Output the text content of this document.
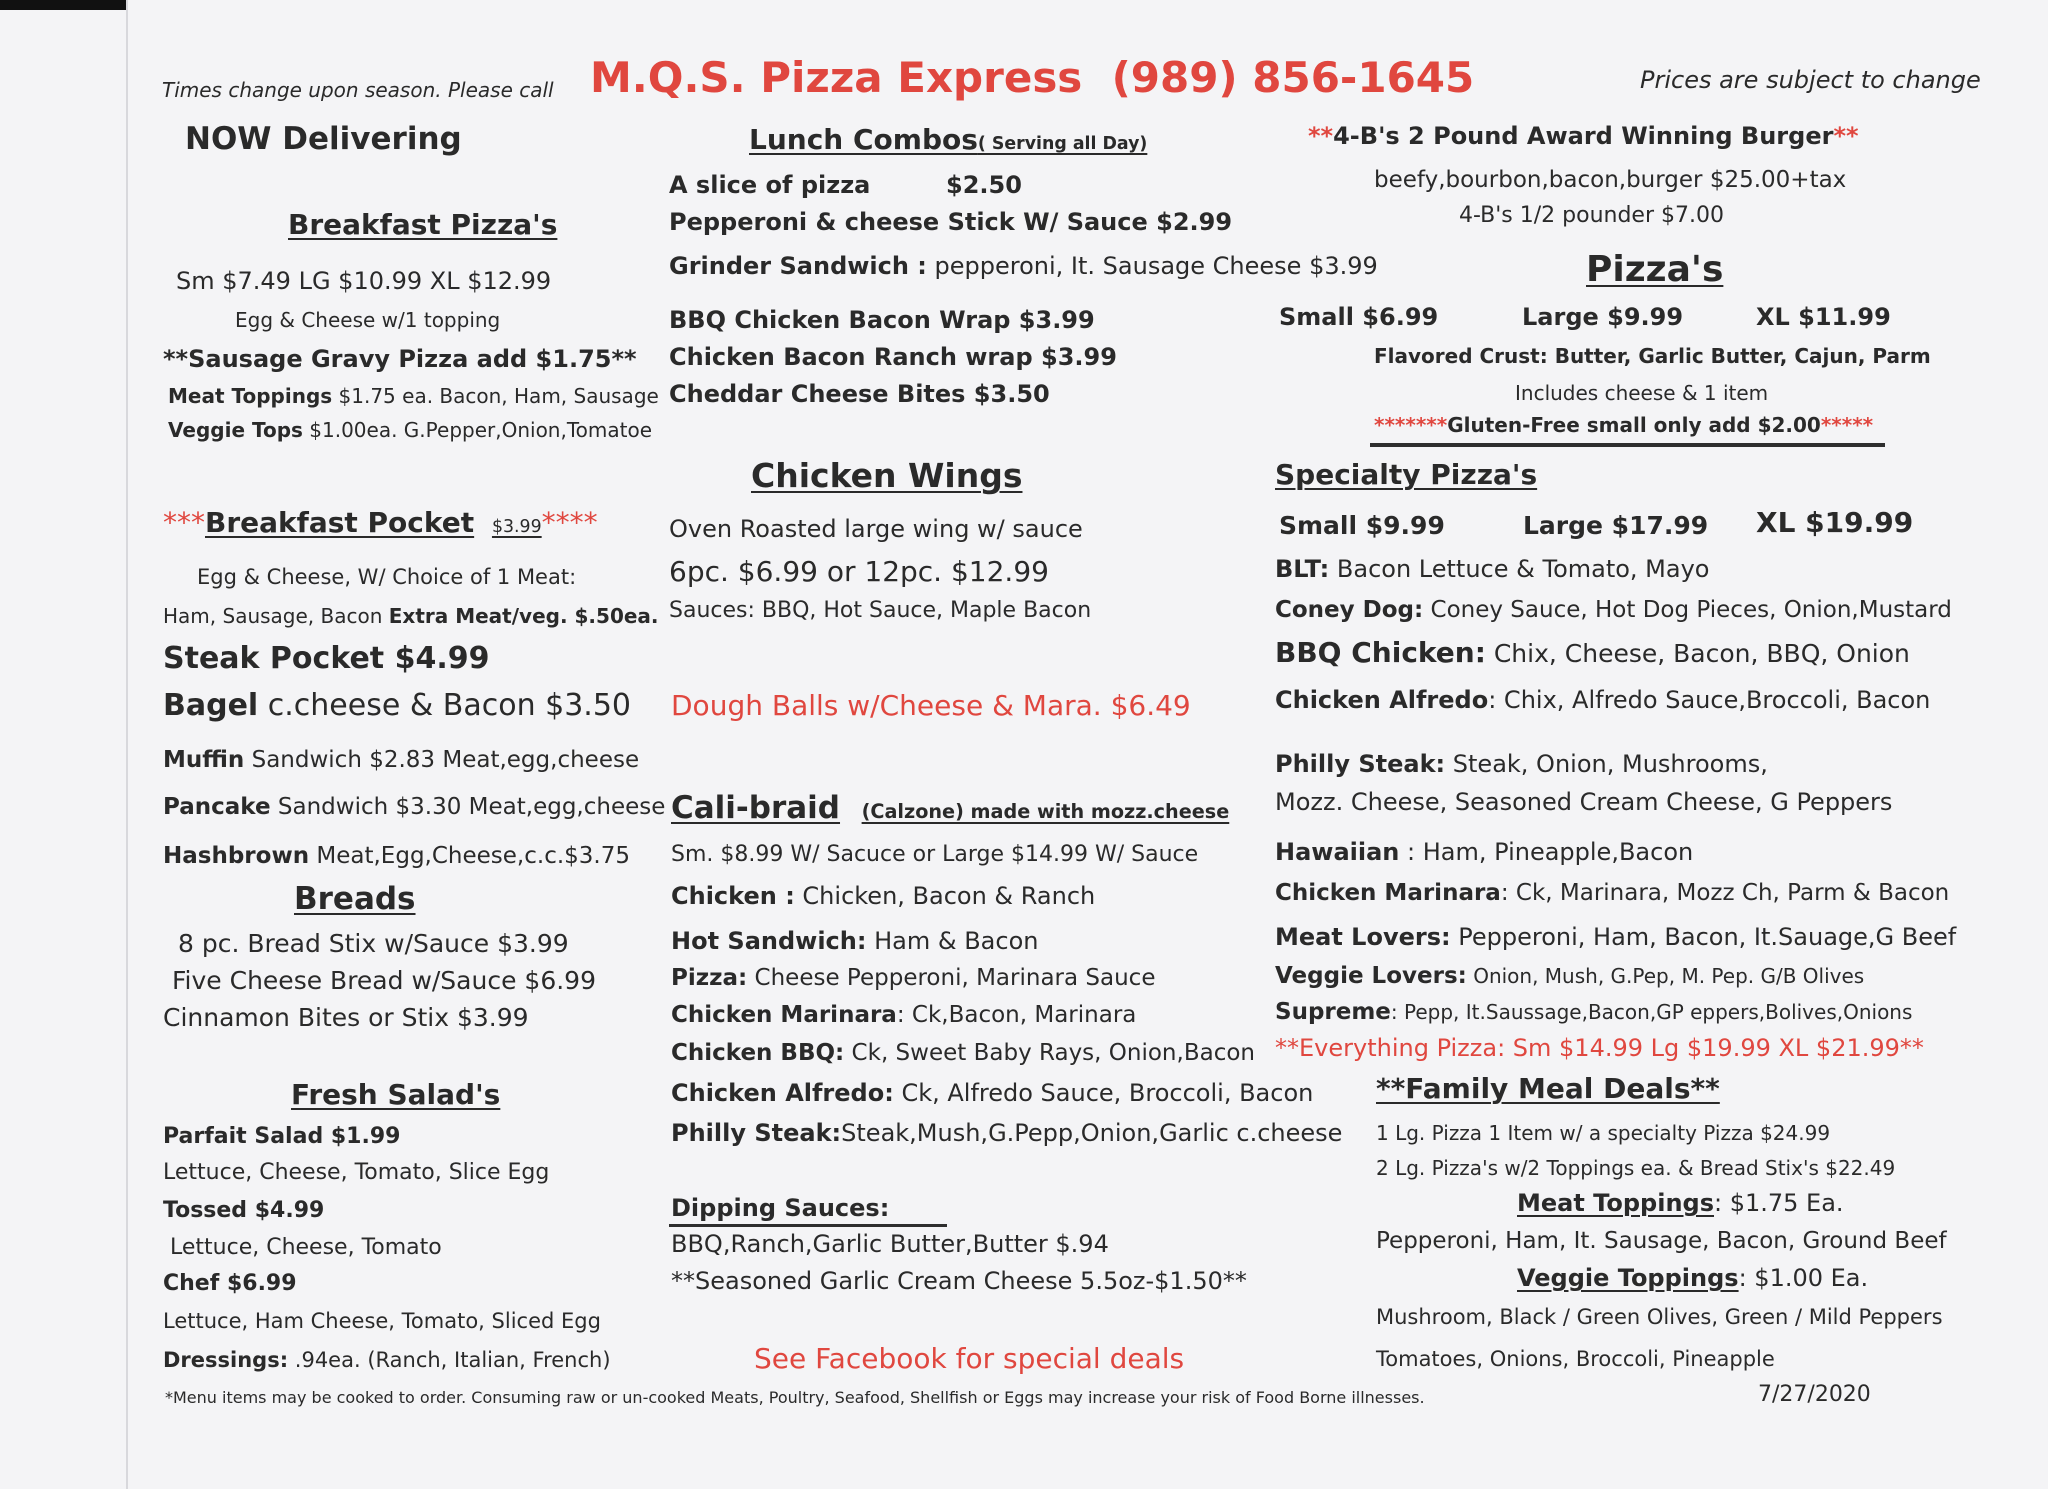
Times change upon season. Please call M.Q.S. Pizza Express (989) 856-1645	Prices are subject to change
NOW Delivering
Breakfast Pizza's
Sm $7.49 LG $10.99 XL $12.99
Egg & Cheese w/1 topping
**Sausage Gravy Pizza add $1.75**
Meat Toppings $1.75 ea. Bacon, Ham, Sausage
Veggie Tops $1.00ea. G.Pepper,Onion,Tomatoe
***Breakfast Pocket $3.99****
Egg & Cheese, W/ Choice of 1 Meat:
Ham, Sausage, Bacon Extra Meat/veg. $.50ea.
Steak Pocket $4.99
Bagel c.cheese & Bacon $3.50
Muffin Sandwich $2.83 Meat,egg,cheese
Pancake Sandwich $3.30 Meat,egg,cheese
Hashbrown Meat,Egg,Cheese,c.c.$3.75
Breads
8 pc. Bread Stix w/Sauce $3.99
Five Cheese Bread w/Sauce $6.99
Cinnamon Bites or Stix $3.99
Fresh Salad's
Parfait Salad $1.99
Lettuce, Cheese, Tomato, Slice Egg
Tossed $4.99
Lettuce, Cheese, Tomato
Chef $6.99
Lettuce, Ham Cheese, Tomato, Sliced Egg
Dressings: .94ea. (Ranch, Italian, French)
Lunch Combos( Serving all Day)
A slice of pizza	$2.50
Pepperoni & cheese Stick W/ Sauce $2.99
Grinder Sandwich : pepperoni, It. Sausage Cheese $3.99
BBQ Chicken Bacon Wrap $3.99
Chicken Bacon Ranch wrap $3.99
Cheddar Cheese Bites $3.50
Chicken Wings
Oven Roasted large wing w/ sauce
6pc. $6.99 or 12pc. $12.99
Sauces: BBQ, Hot Sauce, Maple Bacon
Dough Balls w/Cheese & Mara. $6.49
Cali-braid (Calzone) made with mozz.cheese
Sm. $8.99 W/ Sacuce or Large $14.99 W/ Sauce
Chicken : Chicken, Bacon & Ranch
Hot Sandwich: Ham & Bacon
Pizza: Cheese Pepperoni, Marinara Sauce
Chicken Marinara: Ck,Bacon, Marinara
Chicken BBQ: Ck, Sweet Baby Rays, Onion,Bacon
Chicken Alfredo: Ck, Alfredo Sauce, Broccoli, Bacon
Philly Steak:Steak,Mush,G.Pepp,Onion,Garlic c.cheese
Dipping Sauces:
BBQ,Ranch,Garlic Butter,Butter $.94
**Seasoned Garlic Cream Cheese 5.5oz-$1.50**
See Facebook for special deals
**4-B's 2 Pound Award Winning Burger**
beefy,bourbon,bacon,burger $25.00+tax
4-B's 1/2 pounder $7.00
Pizza's
Small $6.99	Large $9.99	XL $11.99
Flavored Crust: Butter, Garlic Butter, Cajun, Parm
Includes cheese & 1 item
*******Gluten-Free small only add $2.00*****
Specialty Pizza's
Small $9.99	Large $17.99 XL $19.99
BLT: Bacon Lettuce & Tomato, Mayo
Coney Dog: Coney Sauce, Hot Dog Pieces, Onion,Mustard
BBQ Chicken: Chix, Cheese, Bacon, BBQ, Onion
Chicken Alfredo: Chix, Alfredo Sauce,Broccoli, Bacon
Philly Steak: Steak, Onion, Mushrooms,
Mozz. Cheese, Seasoned Cream Cheese, G Peppers
Hawaiian : Ham, Pineapple,Bacon
Chicken Marinara: Ck, Marinara, Mozz Ch, Parm & Bacon
Meat Lovers: Pepperoni, Ham, Bacon, It.Sauage,G Beef
Veggie Lovers: Onion, Mush, G.Pep, M. Pep. G/B Olives
Supreme: Pepp, It.Saussage,Bacon,GP eppers,Bolives,Onions
**Everything Pizza: Sm $14.99 Lg $19.99 XL $21.99**
**Family Meal Deals**
1 Lg. Pizza 1 Item w/ a specialty Pizza $24.99
2 Lg. Pizza's w/2 Toppings ea. & Bread Stix's $22.49
Meat Toppings: $1.75 Ea.
Pepperoni, Ham, It. Sausage, Bacon, Ground Beef
Veggie Toppings: $1.00 Ea.
Mushroom, Black / Green Olives, Green / Mild Peppers
Tomatoes, Onions, Broccoli, Pineapple
*Menu items may be cooked to order. Consuming raw or un-cooked Meats, Poultry, Seafood, Shellfish or Eggs may increase your risk of Food Borne illnesses.	7/27/2020
